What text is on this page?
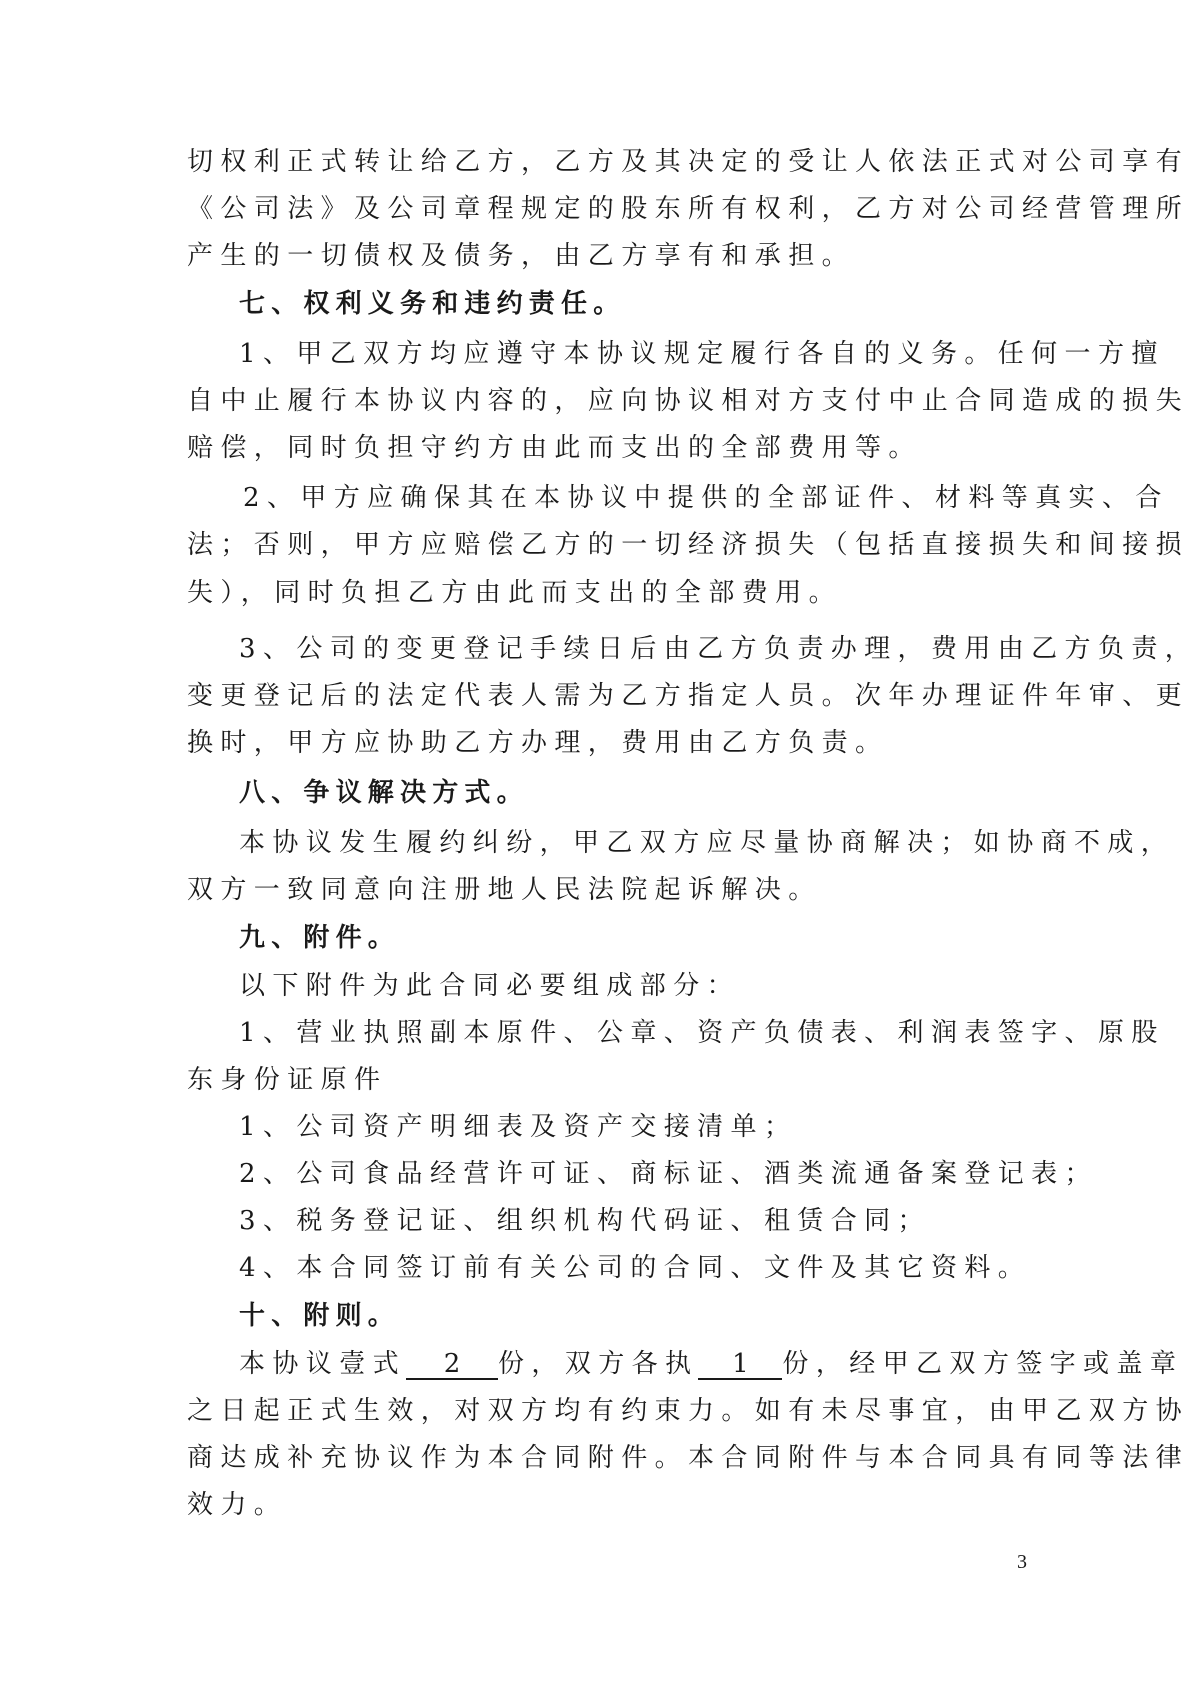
切权利正式转让给乙方，乙方及其决定的受让人依法正式对公司享有
《公司法》及公司章程规定的股东所有权利，乙方对公司经营管理所
产生的一切债权及债务，由乙方享有和承担。
七、权利义务和违约责任。
1、甲乙双方均应遵守本协议规定履行各自的义务。任何一方擅
自中止履行本协议内容的，应向协议相对方支付中止合同造成的损失
赔偿，同时负担守约方由此而支出的全部费用等。
2、甲方应确保其在本协议中提供的全部证件、材料等真实、合
法；否则，甲方应赔偿乙方的一切经济损失（包括直接损失和间接损
失），同时负担乙方由此而支出的全部费用。
3、公司的变更登记手续日后由乙方负责办理，费用由乙方负责，
变更登记后的法定代表人需为乙方指定人员。次年办理证件年审、更
换时，甲方应协助乙方办理，费用由乙方负责。
八、争议解决方式。
本协议发生履约纠纷，甲乙双方应尽量协商解决；如协商不成，
双方一致同意向注册地人民法院起诉解决。
九、附件。
以下附件为此合同必要组成部分：
1、营业执照副本原件、公章、资产负债表、利润表签字、原股
东身份证原件
1、公司资产明细表及资产交接清单；
2、公司食品经营许可证、商标证、酒类流通备案登记表；
3、税务登记证、组织机构代码证、租赁合同；
4、本合同签订前有关公司的合同、文件及其它资料。
十、附则。
本协议壹式 2 份，双方各执 1 份，经甲乙双方签字或盖章
之日起正式生效，对双方均有约束力。如有未尽事宜，由甲乙双方协
商达成补充协议作为本合同附件。本合同附件与本合同具有同等法律
效力。
3
